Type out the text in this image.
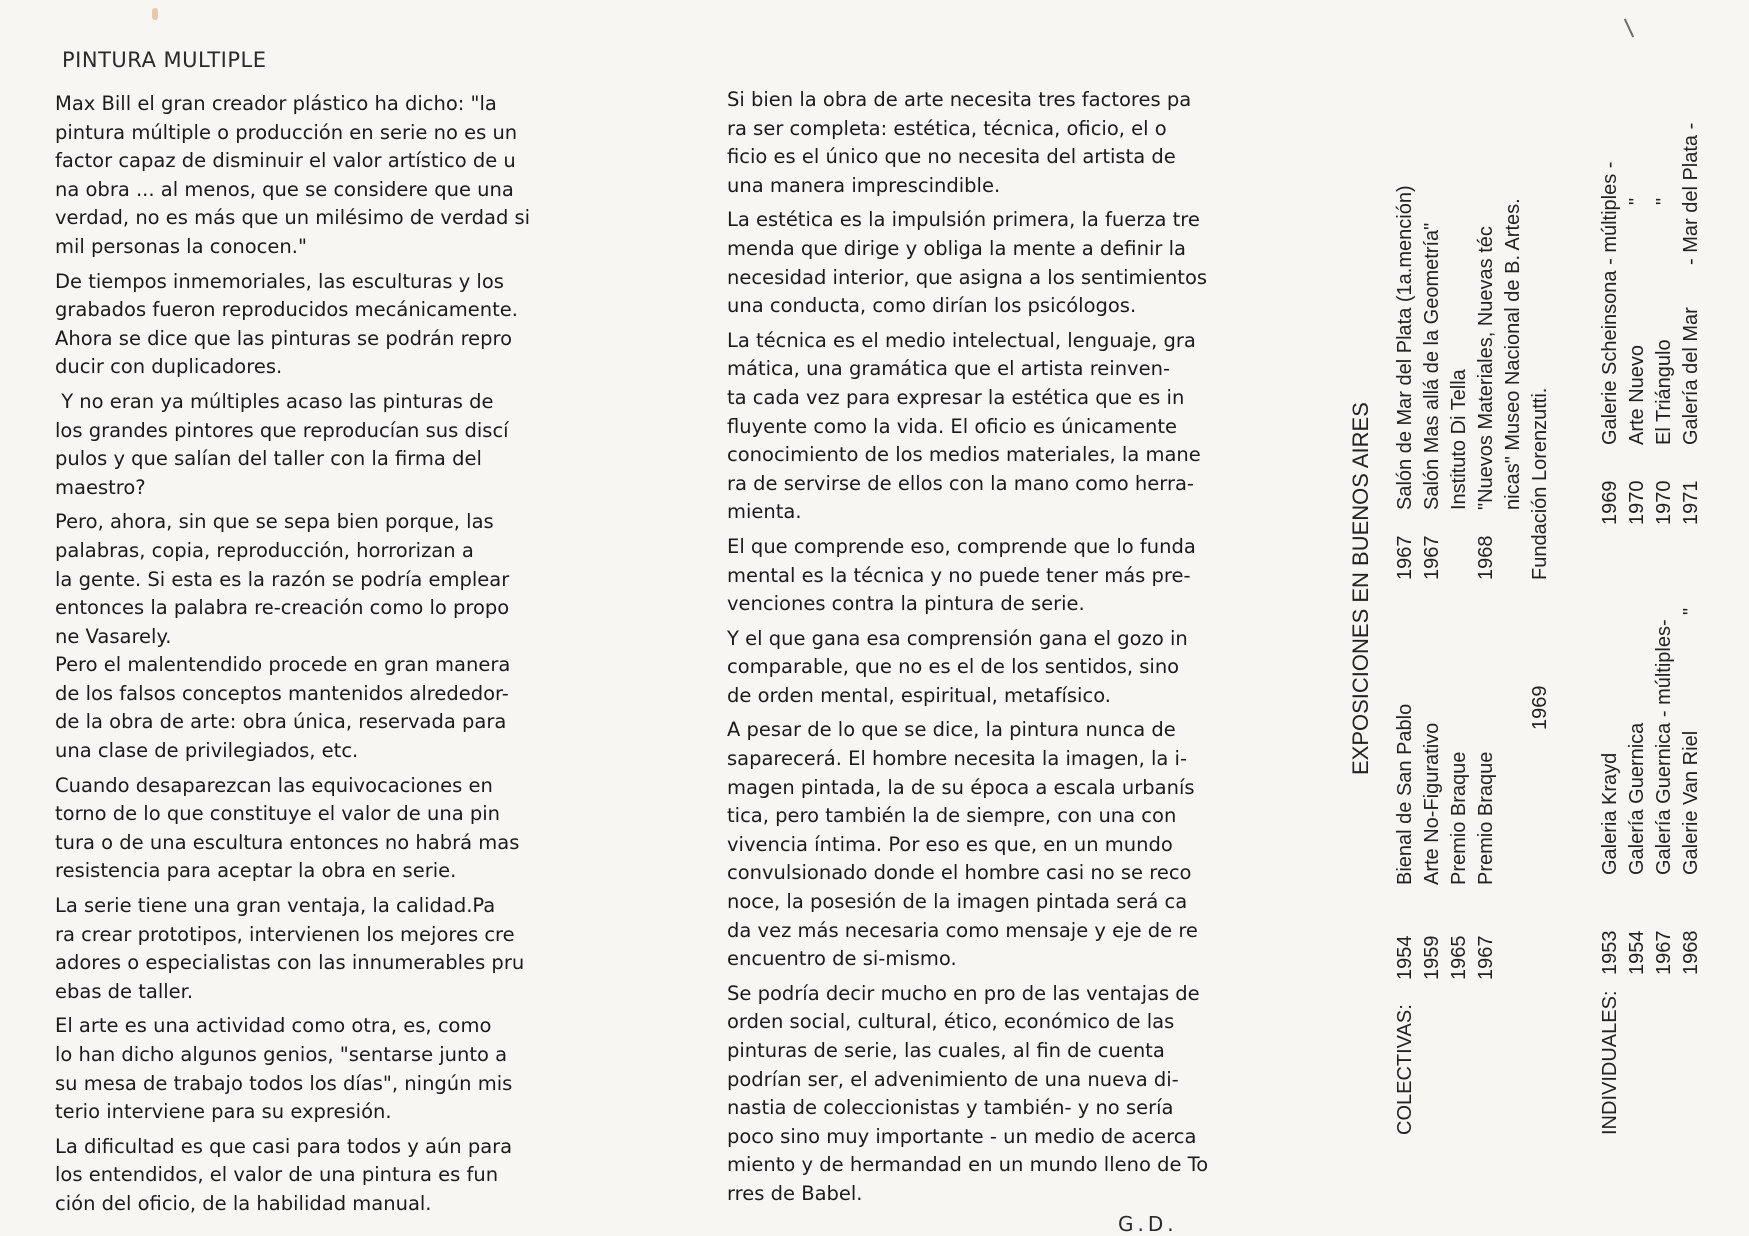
PINTURA MULTIPLE

Max Bill el gran creador plástico ha dicho: "la
pintura múltiple o producción en serie no es un
factor capaz de disminuir el valor artístico de u
na obra ... al menos, que se considere que una
verdad, no es más que un milésimo de verdad si
mil personas la conocen."

De tiempos inmemoriales, las esculturas y los
grabados fueron reproducidos mecánicamente.
Ahora se dice que las pinturas se podrán repro
ducir con duplicadores.

Y no eran ya múltiples acaso las pinturas de
los grandes pintores que reproducían sus discí
pulos y que salían del taller con la firma del
maestro?

Pero, ahora, sin que se sepa bien porque, las
palabras, copia, reproducción, horrorizan a
la gente. Si esta es la razón se podría emplear
entonces la palabra re-creación como lo propo
ne Vasarely.
Pero el malentendido procede en gran manera
de los falsos conceptos mantenidos alrededor-
de la obra de arte: obra única, reservada para
una clase de privilegiados, etc.

Cuando desaparezcan las equivocaciones en
torno de lo que constituye el valor de una pin
tura o de una escultura entonces no habrá mas
resistencia para aceptar la obra en serie.

La serie tiene una gran ventaja, la calidad.Pa
ra crear prototipos, intervienen los mejores cre
adores o especialistas con las innumerables pru
ebas de taller.

El arte es una actividad como otra, es, como
lo han dicho algunos genios, "sentarse junto a
su mesa de trabajo todos los días", ningún mis
terio interviene para su expresión.

La dificultad es que casi para todos y aún para
los entendidos, el valor de una pintura es fun
ción del oficio, de la habilidad manual.

Si bien la obra de arte necesita tres factores pa
ra ser completa: estética, técnica, oficio, el o
ficio es el único que no necesita del artista de
una manera imprescindible.

La estética es la impulsión primera, la fuerza tre
menda que dirige y obliga la mente a definir la
necesidad interior, que asigna a los sentimientos
una conducta, como dirían los psicólogos.

La técnica es el medio intelectual, lenguaje, gra
mática, una gramática que el artista reinven-
ta cada vez para expresar la estética que es in
fluyente como la vida. El oficio es únicamente
conocimiento de los medios materiales, la mane
ra de servirse de ellos con la mano como herra-
mienta.

El que comprende eso, comprende que lo funda
mental es la técnica y no puede tener más pre-
venciones contra la pintura de serie.

Y el que gana esa comprensión gana el gozo in
comparable, que no es el de los sentidos, sino
de orden mental, espiritual, metafísico.

A pesar de lo que se dice, la pintura nunca de
saparecerá. El hombre necesita la imagen, la i-
magen pintada, la de su época a escala urbanís
tica, pero también la de siempre, con una con
vivencia íntima. Por eso es que, en un mundo
convulsionado donde el hombre casi no se reco
noce, la posesión de la imagen pintada será ca
da vez más necesaria como mensaje y eje de re
encuentro de si-mismo.

Se podría decir mucho en pro de las ventajas de
orden social, cultural, ético, económico de las
pinturas de serie, las cuales, al fin de cuenta
podrían ser, el advenimiento de una nueva di-
nastia de coleccionistas y también- y no sería
poco sino muy importante - un medio de acerca
miento y de hermandad en un mundo lleno de To
rres de Babel.

G.D.
EXPOSICIONES EN BUENOS AIRES
COLECTIVAS:
1954 1959 1965 1967
Bienal de San Pablo Arte No-Figurativo Premio Braque Premio Braque
1967 1967 1968
Salón de Mar del Plata (1a.mención) Salón Mas allá de la Geometría" Instituto Di Tella "Nuevos Materiales, Nuevas téc nicas" Museo Nacional de B. Artes.
1969
Fundación Lorenzutti.
INDIVIDUALES:
1953 1954 1967 1968
Galeria Krayd Galería Guernica Galería Guernica - múltiples- Galerie Van Riel
"
1969 1970 1970 1971
Galerie Scheinsona - múltiples - Arte Nuevo El Triángulo Galería del Mar
" " - Mar del Plata -
